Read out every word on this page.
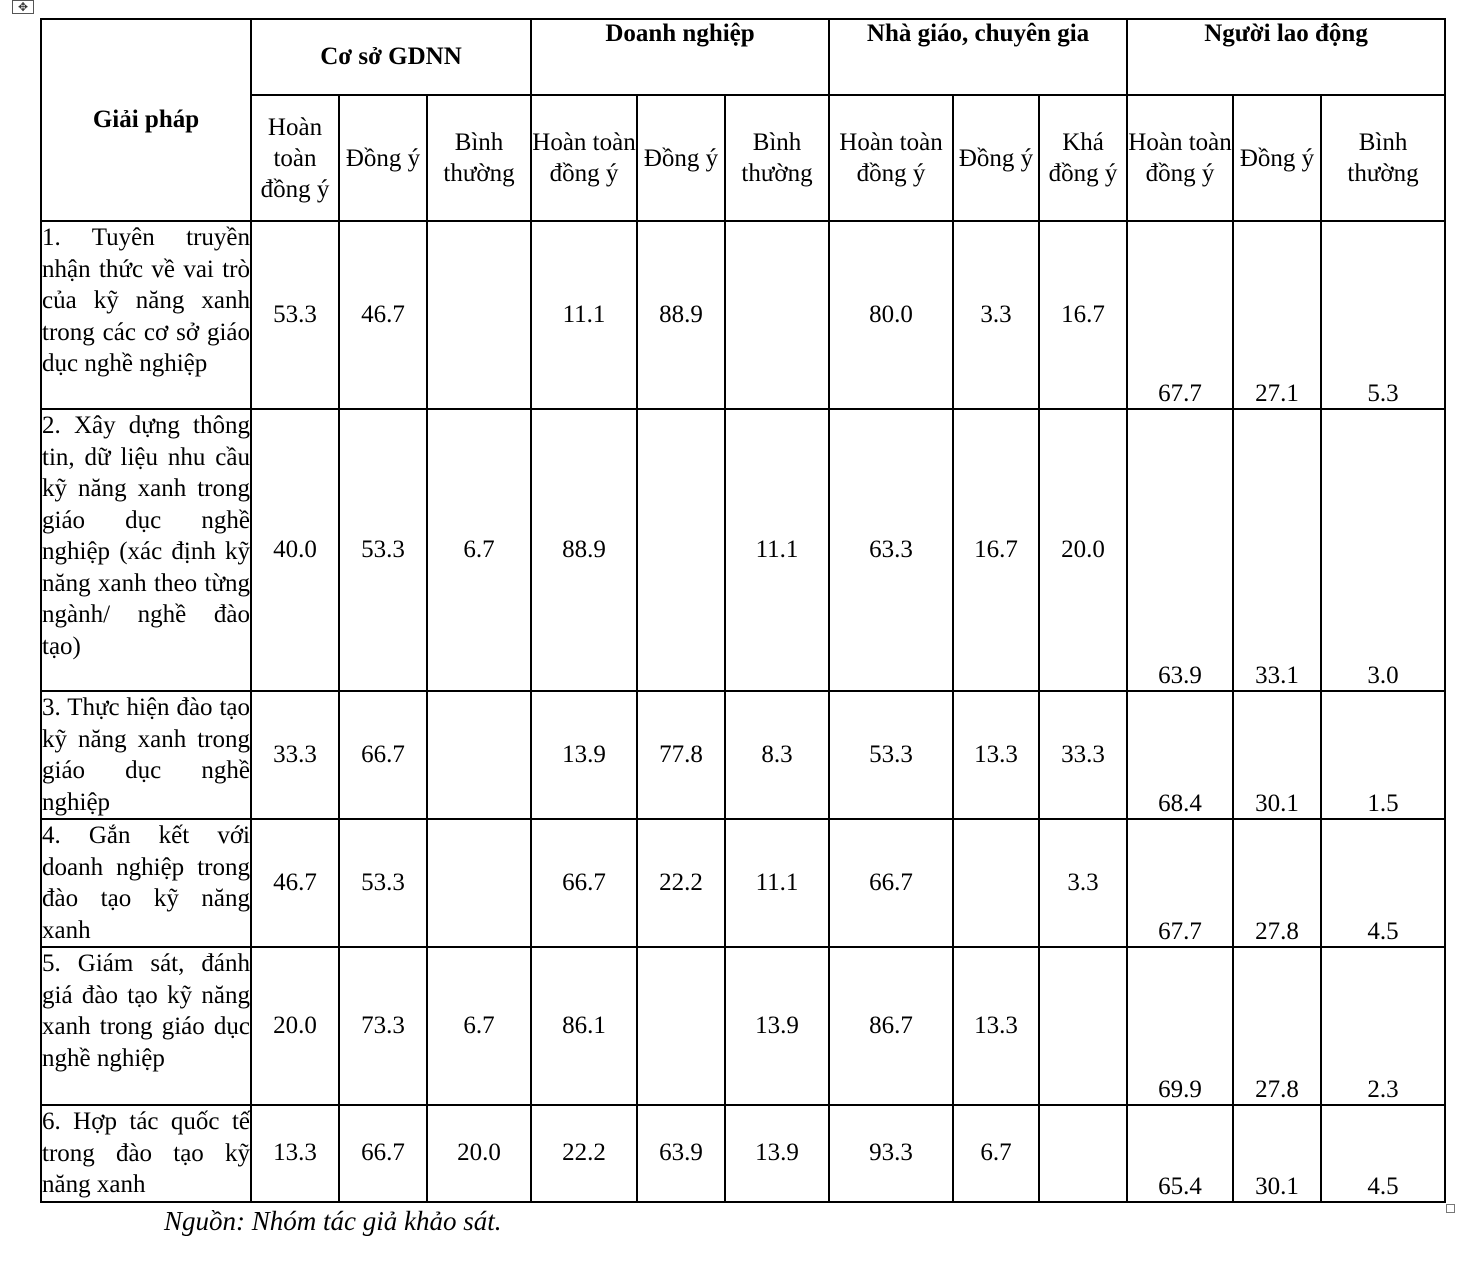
✥
Giải pháp	Cơ sở GDNN			Doanh nghiệp			Nhà giáo, chuyên gia			Người lao động		
	Hoàn toàn đồng ý	Đồng ý	Bình thường	Hoàn toàn đồng ý	Đồng ý	Bình thường	Hoàn toàn đồng ý	Đồng ý	Khá đồng ý	Hoàn toàn đồng ý	Đồng ý	Bình thường
1. Tuyên truyền nhận thức về vai trò của kỹ năng xanh trong các cơ sở giáo dục nghề nghiệp	53.3	46.7		11.1	88.9		80.0	3.3	16.7	67.7	27.1	5.3
2. Xây dựng thông tin, dữ liệu nhu cầu kỹ năng xanh trong giáo dục nghề nghiệp (xác định kỹ năng xanh theo từng ngành/ nghề đào tạo)	40.0	53.3	6.7	88.9		11.1	63.3	16.7	20.0	63.9	33.1	3.0
3. Thực hiện đào tạo kỹ năng xanh trong giáo dục nghề nghiệp	33.3	66.7		13.9	77.8	8.3	53.3	13.3	33.3	68.4	30.1	1.5
4. Gắn kết với doanh nghiệp trong đào tạo kỹ năng xanh	46.7	53.3		66.7	22.2	11.1	66.7		3.3	67.7	27.8	4.5
5. Giám sát, đánh giá đào tạo kỹ năng xanh trong giáo dục nghề nghiệp	20.0	73.3	6.7	86.1		13.9	86.7	13.3		69.9	27.8	2.3
6. Hợp tác quốc tế trong đào tạo kỹ năng xanh	13.3	66.7	20.0	22.2	63.9	13.9	93.3	6.7		65.4	30.1	4.5
Nguồn: Nhóm tác giả khảo sát.
